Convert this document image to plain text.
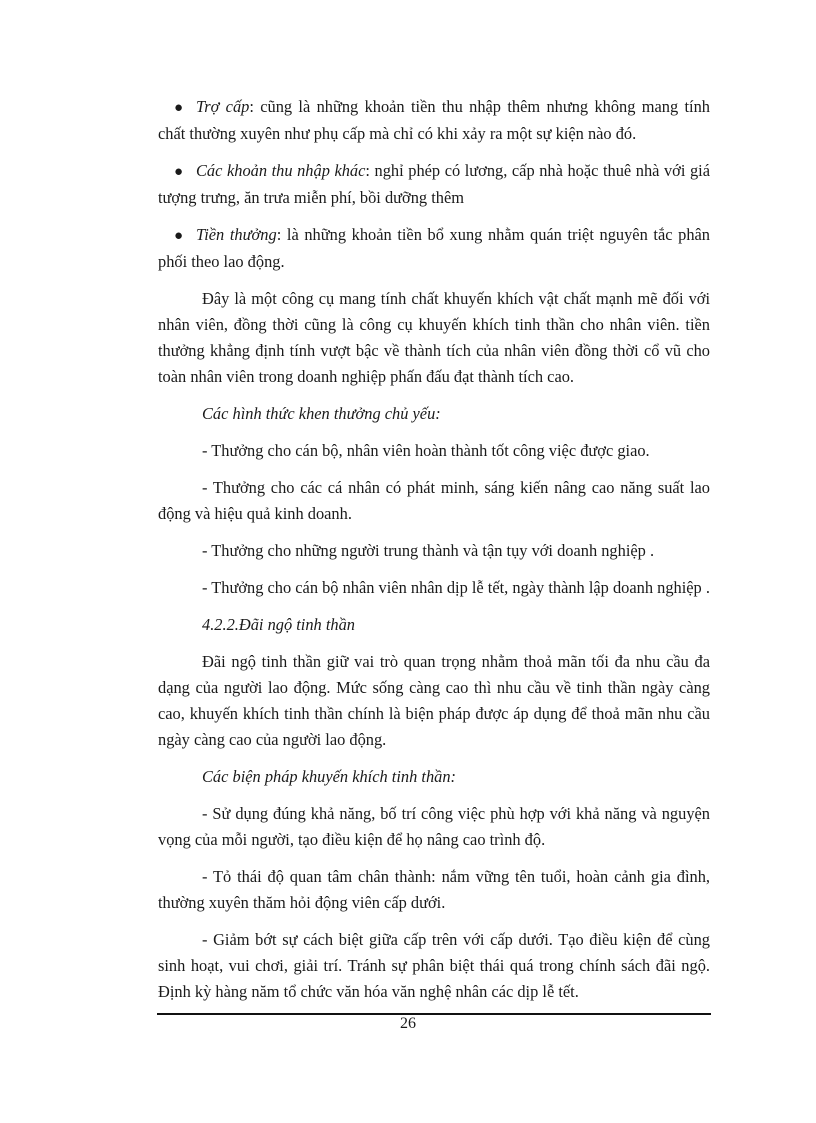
● Trợ cấp: cũng là những khoản tiền thu nhập thêm nhưng không mang tính chất thường xuyên như phụ cấp mà chỉ có khi xảy ra một sự kiện nào đó.

● Các khoản thu nhập khác: nghỉ phép có lương, cấp nhà hoặc thuê nhà với giá tượng trưng, ăn trưa miễn phí, bồi dưỡng thêm

● Tiền thưởng: là những khoản tiền bổ xung nhằm quán triệt nguyên tắc phân phối theo lao động.

Đây là một công cụ mang tính chất khuyến khích vật chất mạnh mẽ đối với nhân viên, đồng thời cũng là công cụ khuyến khích tinh thần cho nhân viên. tiền thưởng khẳng định tính vượt bậc về thành tích của nhân viên đồng thời cổ vũ cho toàn nhân viên trong doanh nghiệp phấn đấu đạt thành tích cao.

Các hình thức khen thưởng chủ yếu:

- Thưởng cho cán bộ, nhân viên hoàn thành tốt công việc được giao.

- Thưởng cho các cá nhân có phát minh, sáng kiến nâng cao năng suất lao động và hiệu quả kinh doanh.

- Thưởng cho những người trung thành và tận tụy với doanh nghiệp .

- Thưởng cho cán bộ nhân viên nhân dịp lễ tết, ngày thành lập doanh nghiệp .

4.2.2.Đãi ngộ tinh thần

Đãi ngộ tinh thần giữ vai trò quan trọng nhằm thoả mãn tối đa nhu cầu đa dạng của người lao động. Mức sống càng cao thì nhu cầu về tinh thần ngày càng cao, khuyến khích tinh thần chính là biện pháp được áp dụng để thoả mãn nhu cầu ngày càng cao của người lao động.

Các biện pháp khuyến khích tinh thần:

- Sử dụng đúng khả năng, bố trí công việc phù hợp với khả năng và nguyện vọng của mỗi người, tạo điều kiện để họ nâng cao trình độ.

- Tỏ thái độ quan tâm chân thành: nắm vững tên tuổi, hoàn cảnh gia đình, thường xuyên thăm hỏi động viên cấp dưới.

- Giảm bớt sự cách biệt giữa cấp trên với cấp dưới. Tạo điều kiện để cùng sinh hoạt, vui chơi, giải trí. Tránh sự phân biệt thái quá trong chính sách đãi ngộ. Định kỳ hàng năm tổ chức văn hóa văn nghệ nhân các dịp lễ tết.

26
